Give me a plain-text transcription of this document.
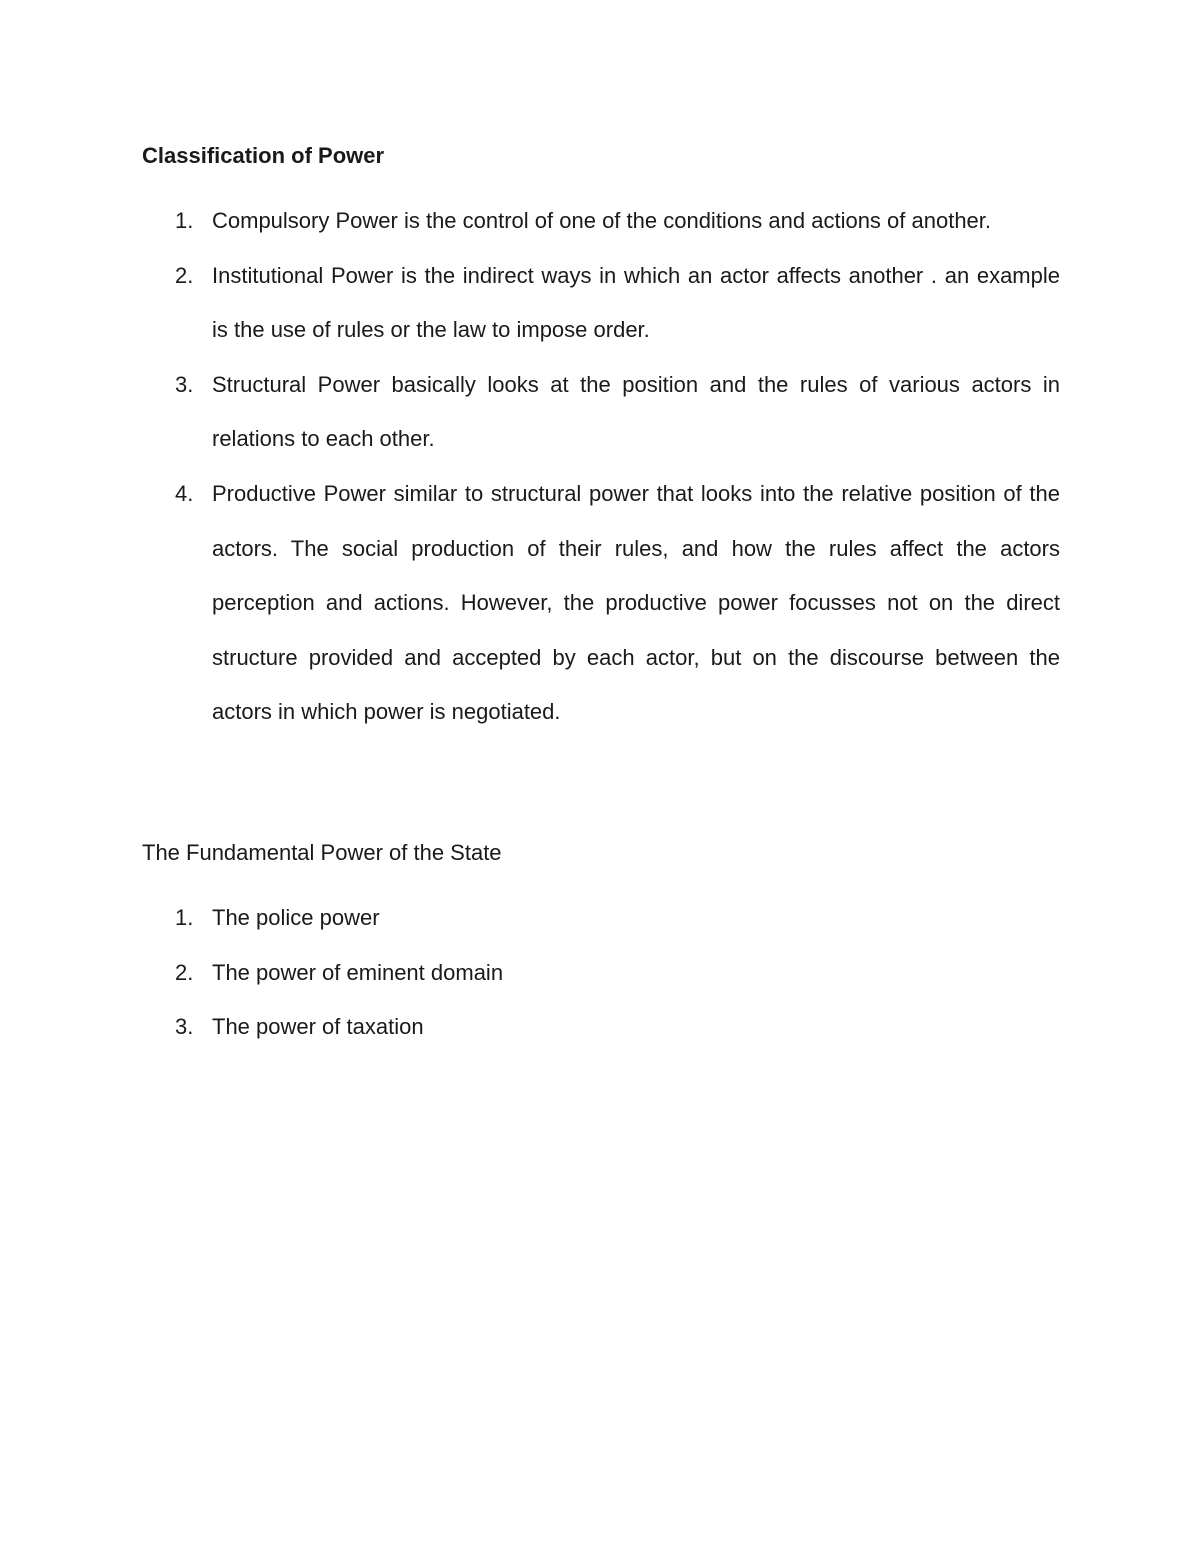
Classification of Power
1. Compulsory Power is the control of one of the conditions and actions of another.
2. Institutional Power is the indirect ways in which an actor affects another . an example is the use of rules or the law to impose order.
3. Structural Power basically looks at the position and the rules of various actors in relations to each other.
4. Productive Power similar to structural power that looks into the relative position of the actors. The social production of their rules, and how the rules affect the actors perception and actions. However, the productive power focusses not on the direct structure provided and accepted by each actor, but on the discourse between the actors in which power is negotiated.
The Fundamental Power of the State
1. The police power
2. The power of eminent domain
3. The power of taxation
